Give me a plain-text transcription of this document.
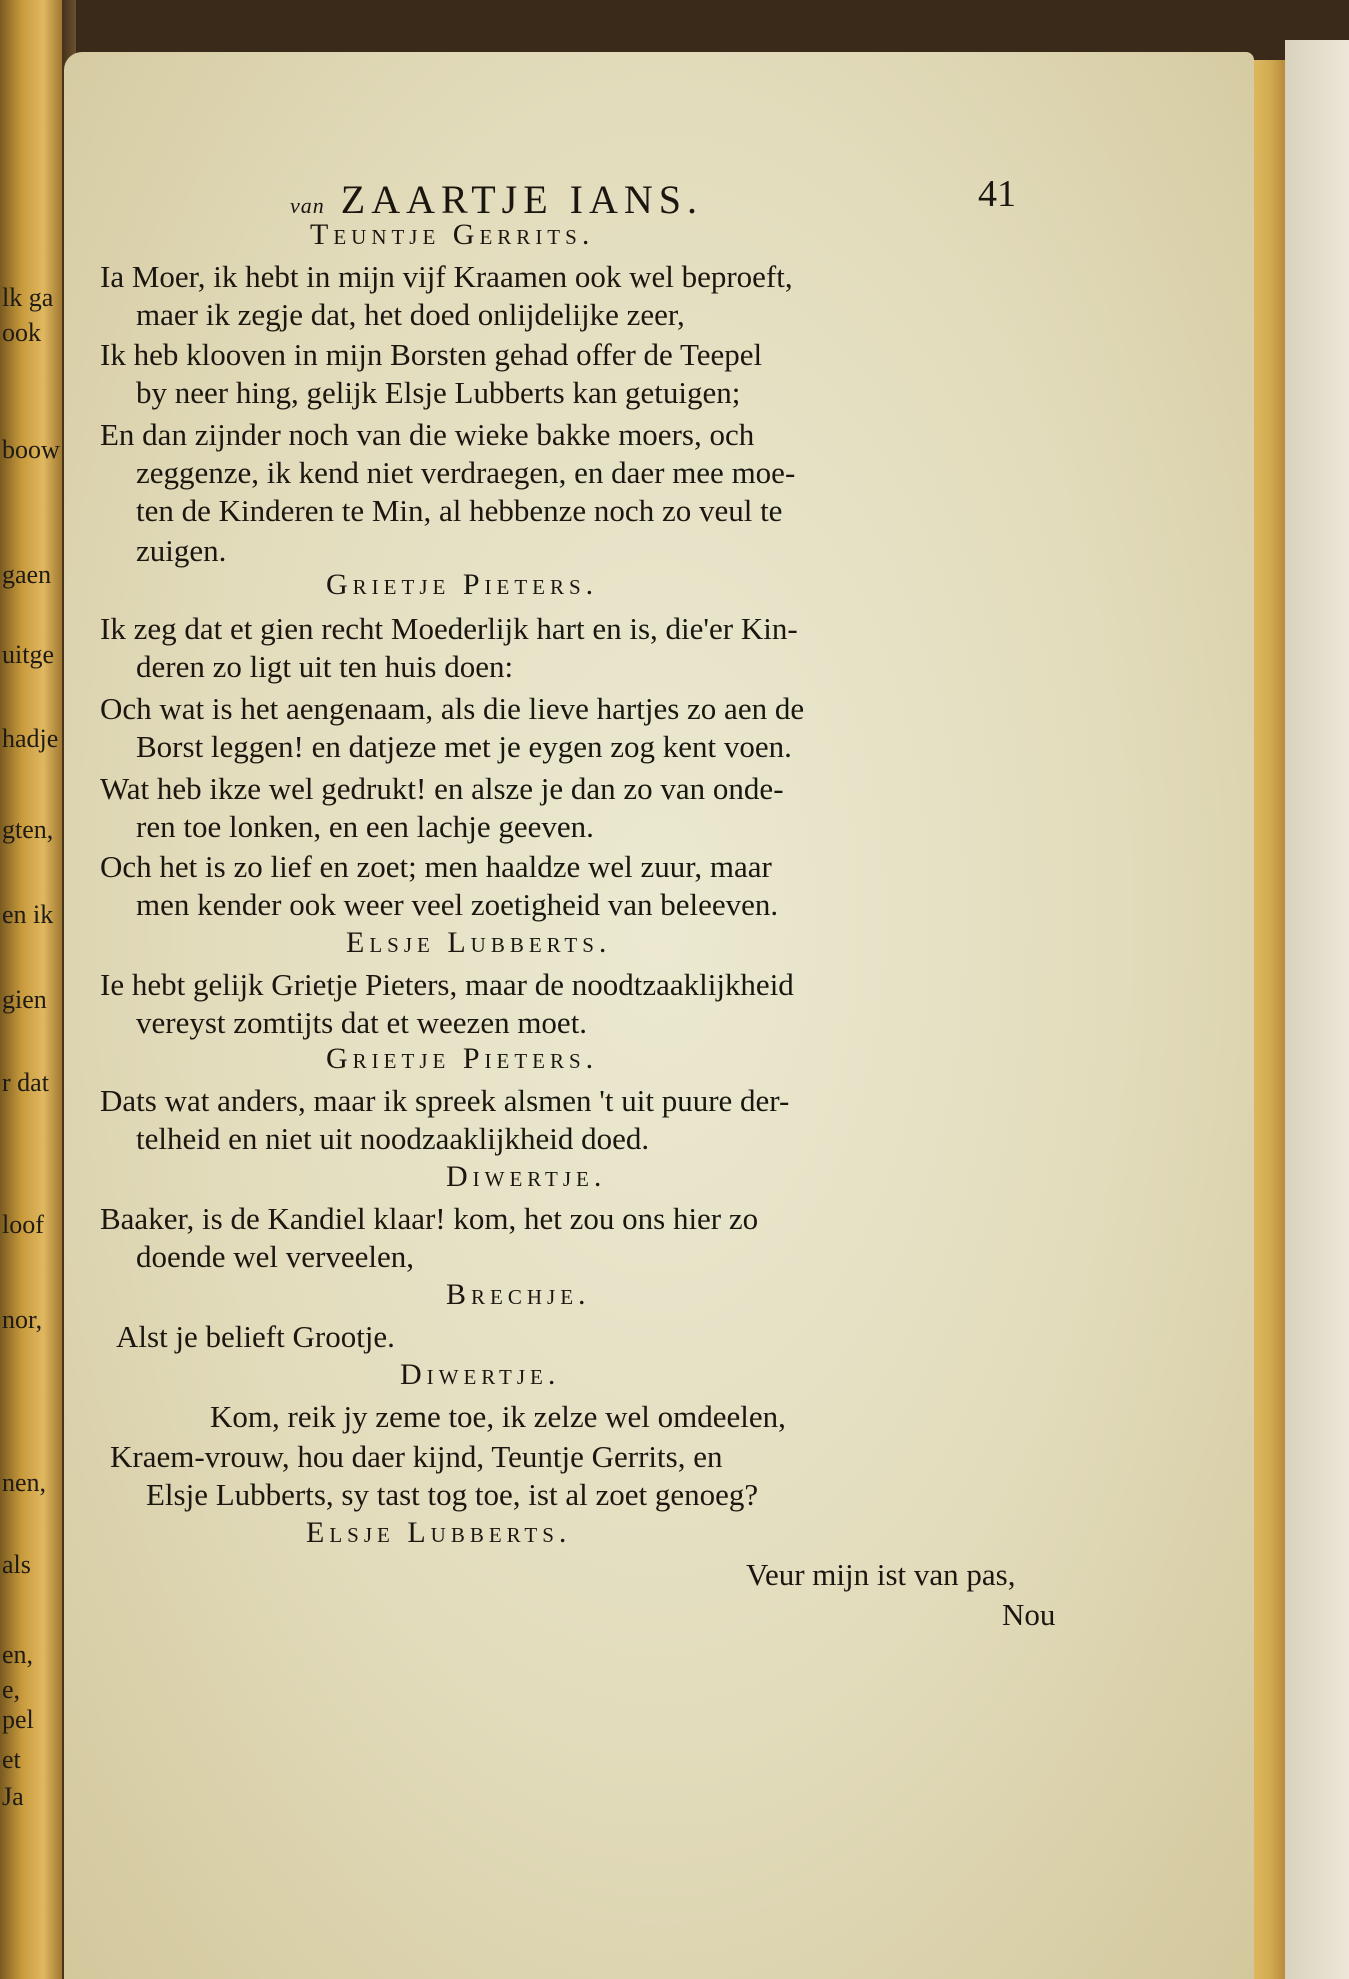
lk ga
ook
boow
gaen
uitge
hadje
gten,
en ik
gien
r dat
loof
nor,
nen,
als
en,
e,
pel
et
Ja
van ZAARTJE IANS.	41
Teuntje Gerrits.
Ia Moer, ik hebt in mijn vijf Kraamen ook wel beproeft,
maer ik zegje dat, het doed onlijdelijke zeer,
Ik heb klooven in mijn Borsten gehad offer de Teepel
by neer hing, gelijk Elsje Lubberts kan getuigen;
En dan zijnder noch van die wieke bakke moers, och
zeggenze, ik kend niet verdraegen, en daer mee moe-
ten de Kinderen te Min, al hebbenze noch zo veul te
zuigen.
Grietje Pieters.
Ik zeg dat et gien recht Moederlijk hart en is, die'er Kin-
deren zo ligt uit ten huis doen:
Och wat is het aengenaam, als die lieve hartjes zo aen de
Borst leggen! en datjeze met je eygen zog kent voen.
Wat heb ikze wel gedrukt! en alsze je dan zo van onde-
ren toe lonken, en een lachje geeven.
Och het is zo lief en zoet; men haaldze wel zuur, maar
men kender ook weer veel zoetigheid van beleeven.
Elsje Lubberts.
Ie hebt gelijk Grietje Pieters, maar de noodtzaaklijkheid
vereyst zomtijts dat et weezen moet.
Grietje Pieters.
Dats wat anders, maar ik spreek alsmen 't uit puure der-
telheid en niet uit noodzaaklijkheid doed.
Diwertje.
Baaker, is de Kandiel klaar! kom, het zou ons hier zo
doende wel verveelen,
Brechje.
Alst je belieft Grootje.
Diwertje.
Kom, reik jy zeme toe, ik zelze wel omdeelen,
Kraem-vrouw, hou daer kijnd, Teuntje Gerrits, en
Elsje Lubberts, sy tast tog toe, ist al zoet genoeg?
Elsje Lubberts.
Veur mijn ist van pas,
Nou
